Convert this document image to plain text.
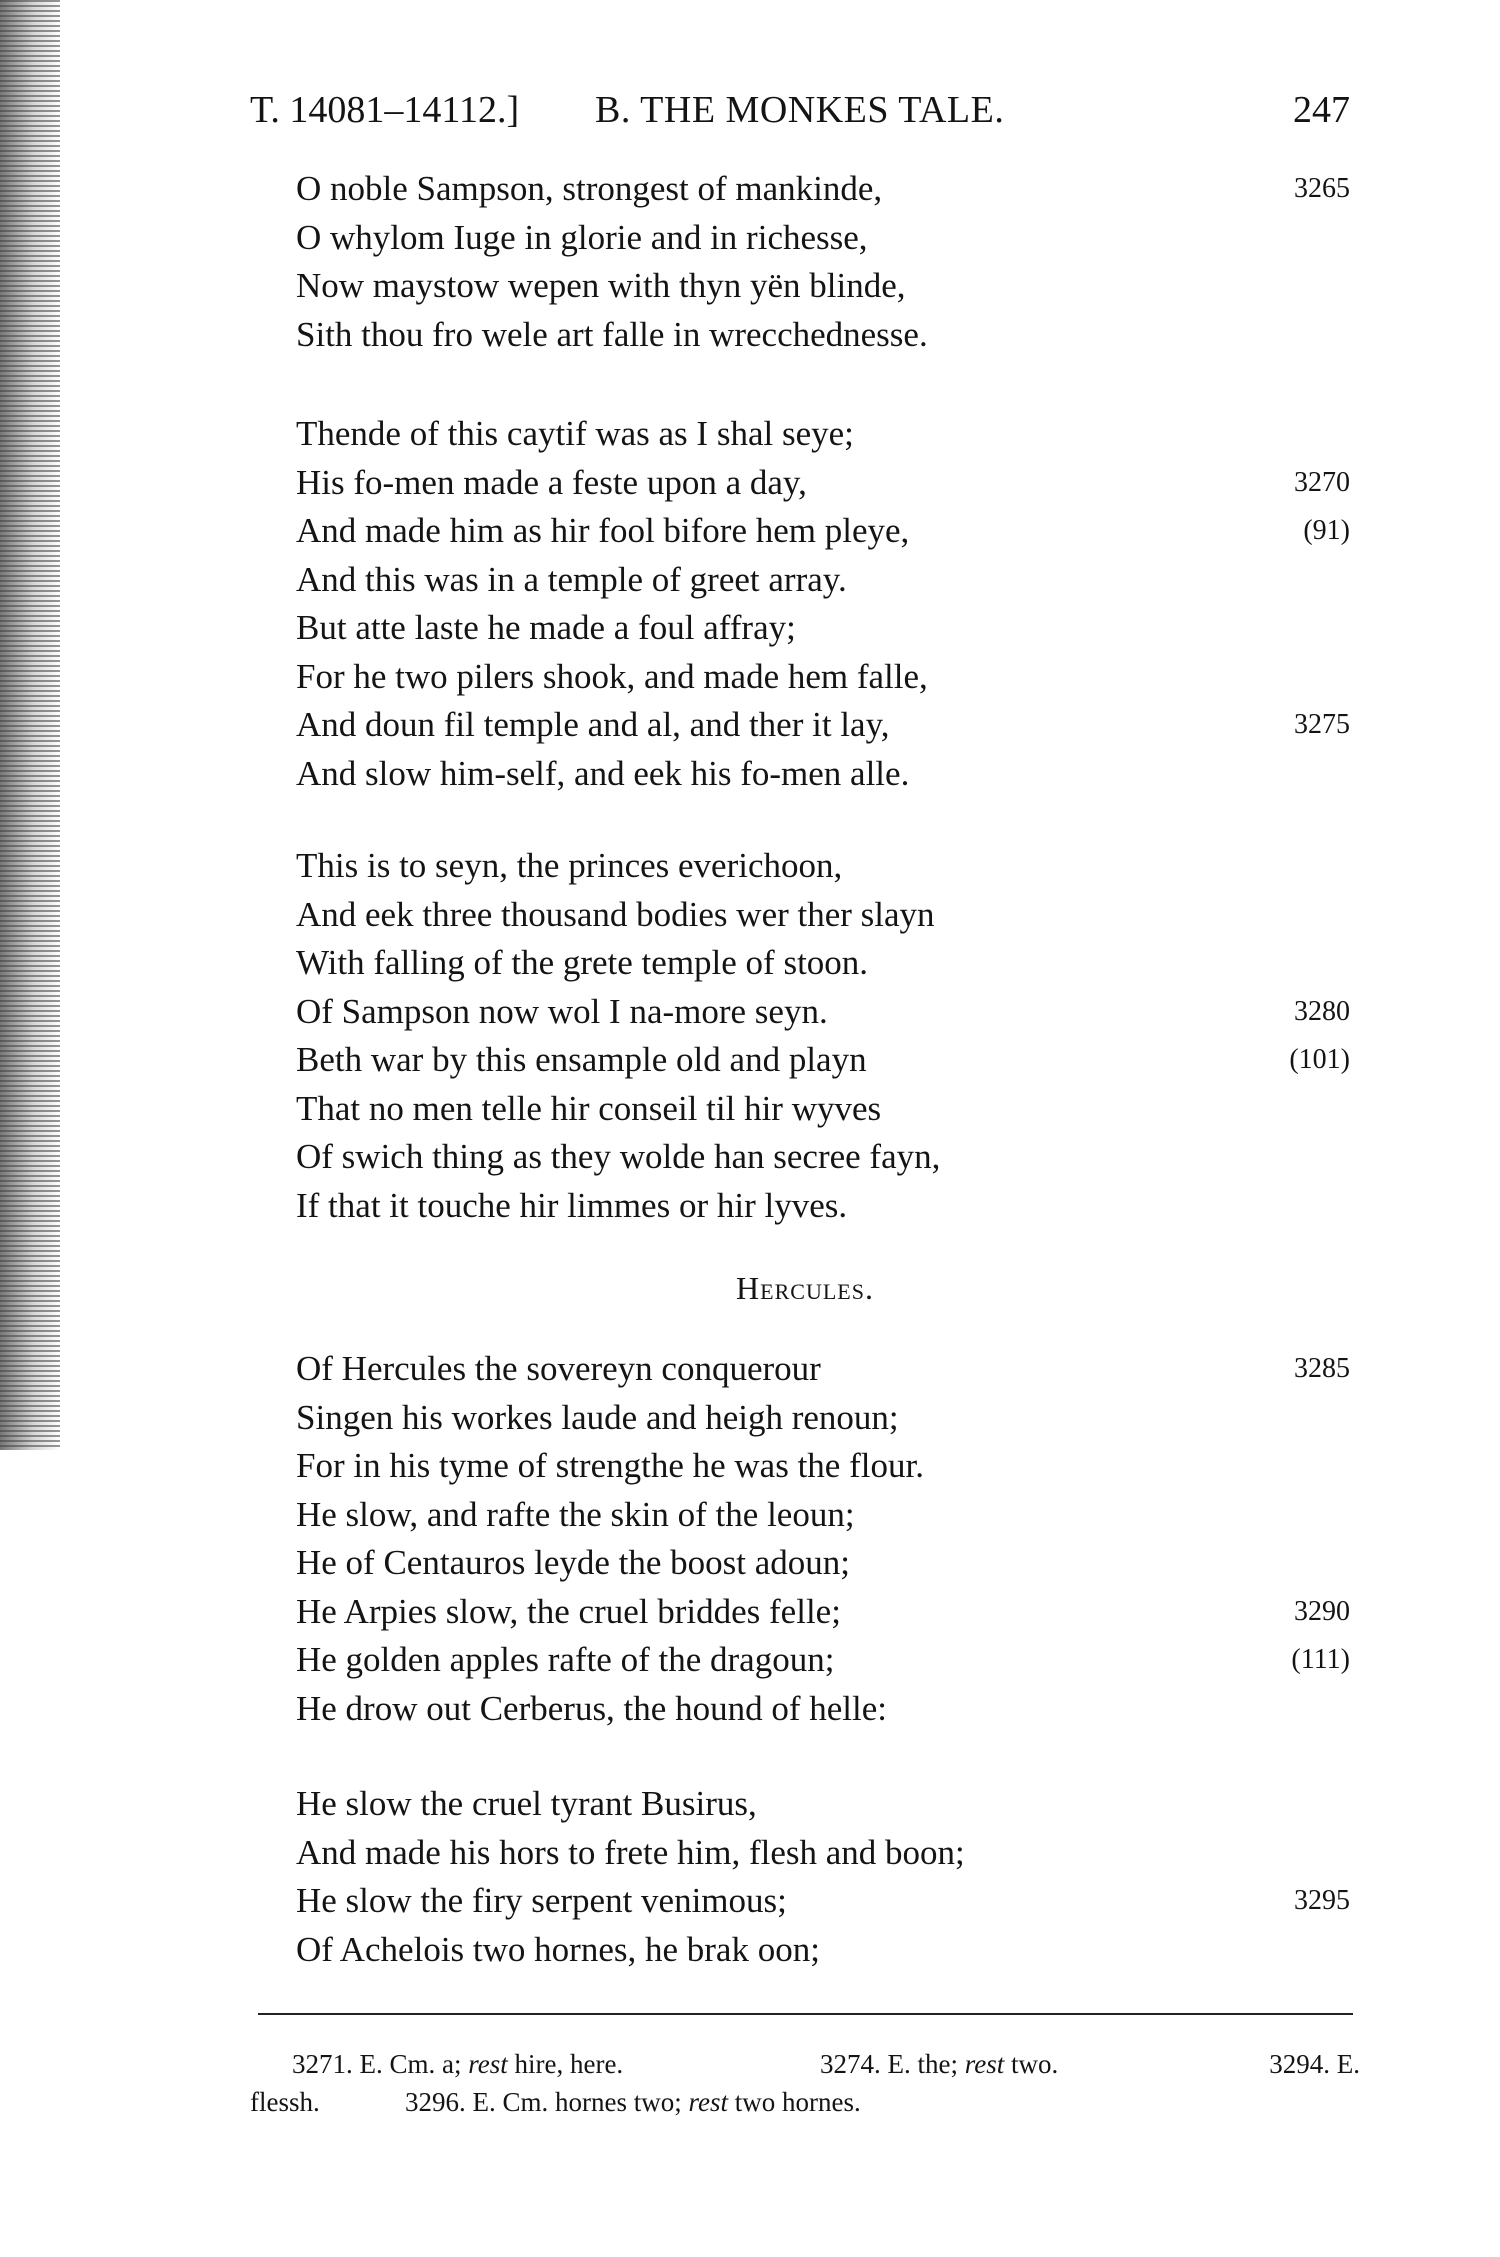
T. 14081–14112.] B. THE MONKES TALE.	247
O noble Sampson, strongest of mankinde,	3265
O whylom Iuge in glorie and in richesse,
Now maystow wepen with thyn yën blinde,
Sith thou fro wele art falle in wrecchednesse.
Thende of this caytif was as I shal seye;
His fo-men made a feste upon a day,	3270
And made him as hir fool bifore hem pleye,	(91)
And this was in a temple of greet array.
But atte laste he made a foul affray;
For he two pilers shook, and made hem falle,
And doun fil temple and al, and ther it lay,	3275
And slow him-self, and eek his fo-men alle.
This is to seyn, the princes everichoon,
And eek three thousand bodies wer ther slayn
With falling of the grete temple of stoon.
Of Sampson now wol I na-more seyn.	3280
Beth war by this ensample old and playn	(101)
That no men telle hir conseil til hir wyves
Of swich thing as they wolde han secree fayn,
If that it touche hir limmes or hir lyves.
Of Hercules the sovereyn conquerour	3285
Singen his workes laude and heigh renoun;
For in his tyme of strengthe he was the flour.
He slow, and rafte the skin of the leoun;
He of Centauros leyde the boost adoun;
He Arpies slow, the cruel briddes felle;	3290
He golden apples rafte of the dragoun;	(111)
He drow out Cerberus, the hound of helle:
He slow the cruel tyrant Busirus,
And made his hors to frete him, flesh and boon;
He slow the firy serpent venimous;	3295
Of Achelois two hornes, he brak oon;
Hercules.
3271. E. Cm. a; rest hire, here.	3274. E. the; rest two.	3294. E.
flessh.	3296. E. Cm. hornes two; rest two hornes.
